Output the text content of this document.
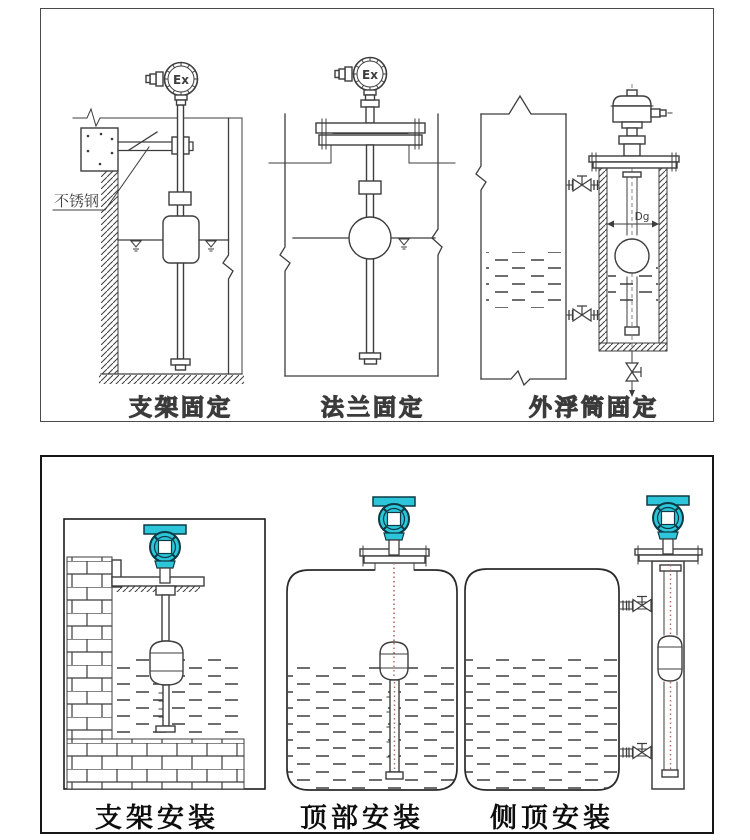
Ex
不锈钢
Ex
Dg
支架固定	法兰固定	外浮筒固定
支架安装	顶部安装 侧顶安装
